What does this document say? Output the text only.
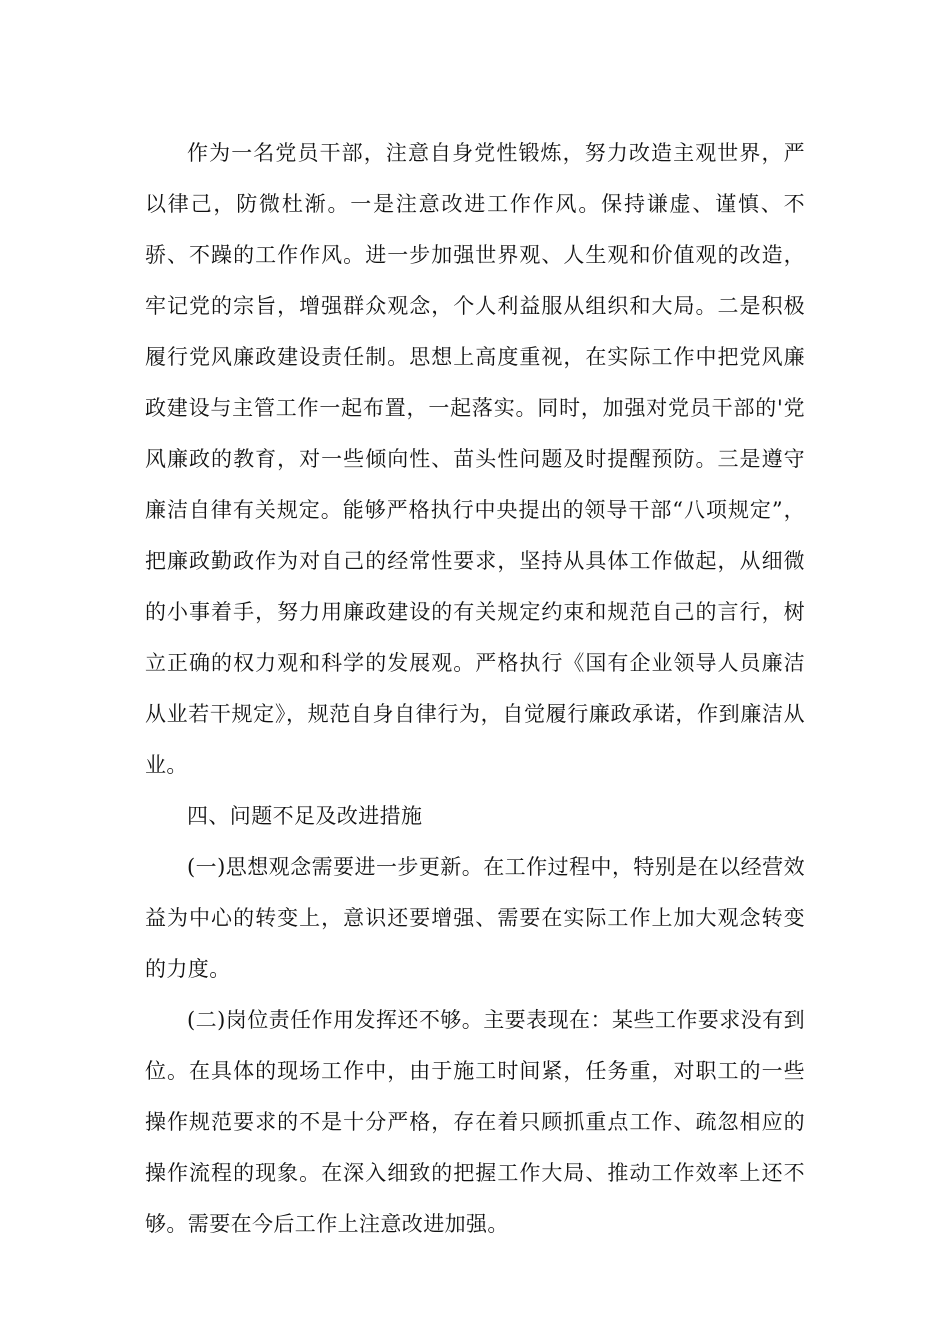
作为一名党员干部，注意自身党性锻炼，努力改造主观世界，严以律己，防微杜渐。一是注意改进工作作风。保持谦虚、谨慎、不骄、不躁的工作作风。进一步加强世界观、人生观和价值观的改造，牢记党的宗旨，增强群众观念，个人利益服从组织和大局。二是积极履行党风廉政建设责任制。思想上高度重视，在实际工作中把党风廉政建设与主管工作一起布置，一起落实。同时，加强对党员干部的'党风廉政的教育，对一些倾向性、苗头性问题及时提醒预防。三是遵守廉洁自律有关规定。能够严格执行中央提出的领导干部“八项规定”，把廉政勤政作为对自己的经常性要求，坚持从具体工作做起，从细微的小事着手，努力用廉政建设的有关规定约束和规范自己的言行，树立正确的权力观和科学的发展观。严格执行《国有企业领导人员廉洁从业若干规定》，规范自身自律行为，自觉履行廉政承诺，作到廉洁从业。

四、问题不足及改进措施

(一)思想观念需要进一步更新。在工作过程中，特别是在以经营效益为中心的转变上，意识还要增强、需要在实际工作上加大观念转变的力度。

(二)岗位责任作用发挥还不够。主要表现在：某些工作要求没有到位。在具体的现场工作中，由于施工时间紧，任务重，对职工的一些操作规范要求的不是十分严格，存在着只顾抓重点工作、疏忽相应的操作流程的现象。在深入细致的把握工作大局、推动工作效率上还不够。需要在今后工作上注意改进加强。
